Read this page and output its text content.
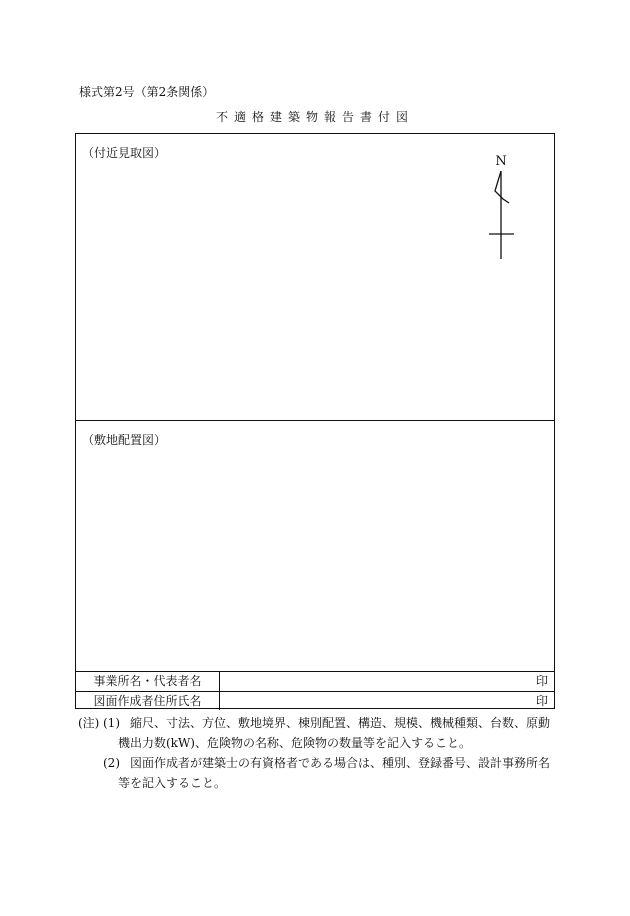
様式第2号（第2条関係）
不適格建築物報告書付図
（付近見取図）
N
（敷地配置図）
事業所名・代表者名	印
図面作成者住所氏名	印
(注) (1) 縮尺、寸法、方位、敷地境界、棟別配置、構造、規模、機械種類、台数、原動
機出力数(kW)、危険物の名称、危険物の数量等を記入すること。
(2) 図面作成者が建築士の有資格者である場合は、種別、登録番号、設計事務所名
等を記入すること。
